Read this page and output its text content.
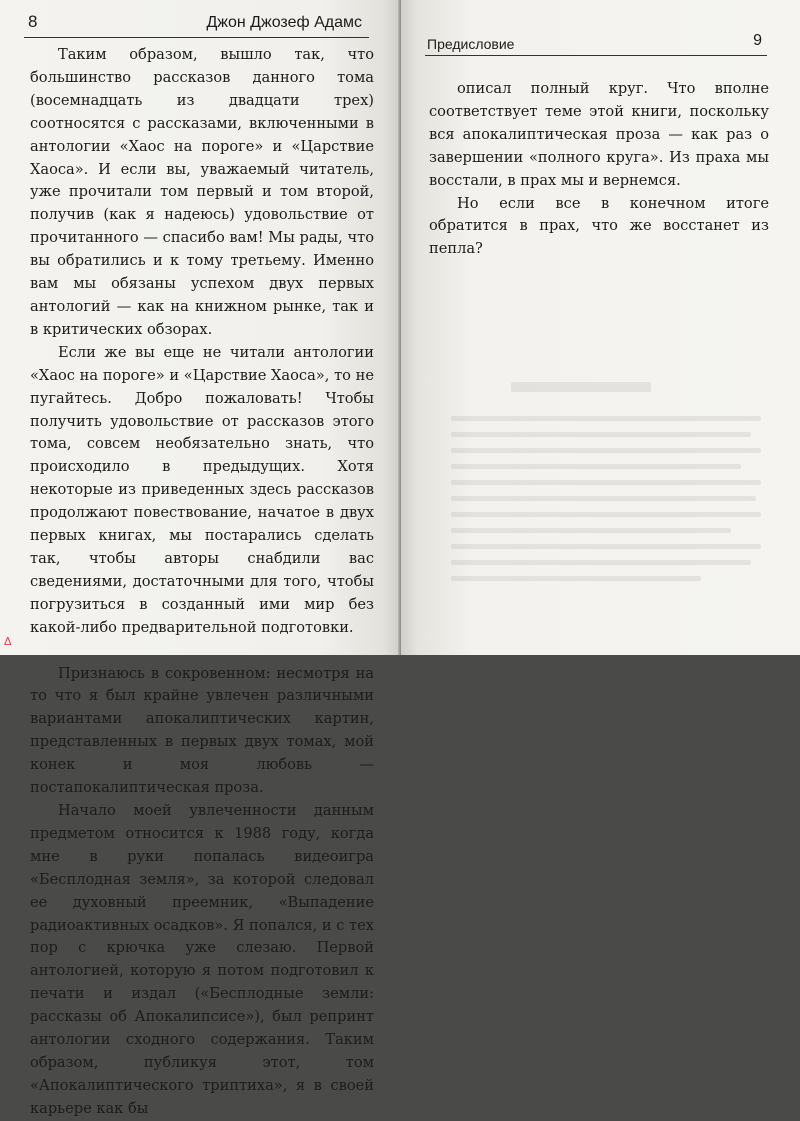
8	Джон Джозеф Адамс

Таким образом, вышло так, что большинство рассказов данного тома (восемнадцать из двадцати трех) соотносятся с рассказами, включенными в антологии «Хаос на пороге» и «Царствие Хаоса». И если вы, уважаемый читатель, уже прочитали том первый и том второй, получив (как я надеюсь) удовольствие от прочитанного — спасибо вам! Мы рады, что вы обратились и к тому третьему. Именно вам мы обязаны успехом двух первых антологий — как на книжном рынке, так и в критических обзорах.

Если же вы еще не читали антологии «Хаос на пороге» и «Царствие Хаоса», то не пугайтесь. Добро пожаловать! Чтобы получить удовольствие от рассказов этого тома, совсем необязательно знать, что происходило в предыдущих. Хотя некоторые из приведенных здесь рассказов продолжают повествование, начатое в двух первых книгах, мы постарались сделать так, чтобы авторы снабдили вас сведениями, достаточными для того, чтобы погрузиться в созданный ими мир без какой-либо предварительной подготовки.

Признаюсь в сокровенном: несмотря на то что я был крайне увлечен различными вариантами апокалиптических картин, представленных в первых двух томах, мой конек и моя любовь — постапокалиптическая проза.

Начало моей увлеченности данным предметом относится к 1988 году, когда мне в руки попалась видеоигра «Бесплодная земля», за которой следовал ее духовный преемник, «Выпадение радиоактивных осадков». Я попался, и с тех пор с крючка уже слезаю. Первой антологией, которую я потом подготовил к печати и издал («Бесплодные земли: рассказы об Апокалипсисе»), был репринт антологии сходного содержания. Таким образом, публикуя этот, том «Апокалиптического триптиха», я в своей карьере как бы

Предисловие	9

описал полный круг. Что вполне соответствует теме этой книги, поскольку вся апокалиптическая проза — как раз о завершении «полного круга». Из праха мы восстали, в прах мы и вернемся.

Но если все в конечном итоге обратится в прах, что же восстанет из пепла?

Δ
